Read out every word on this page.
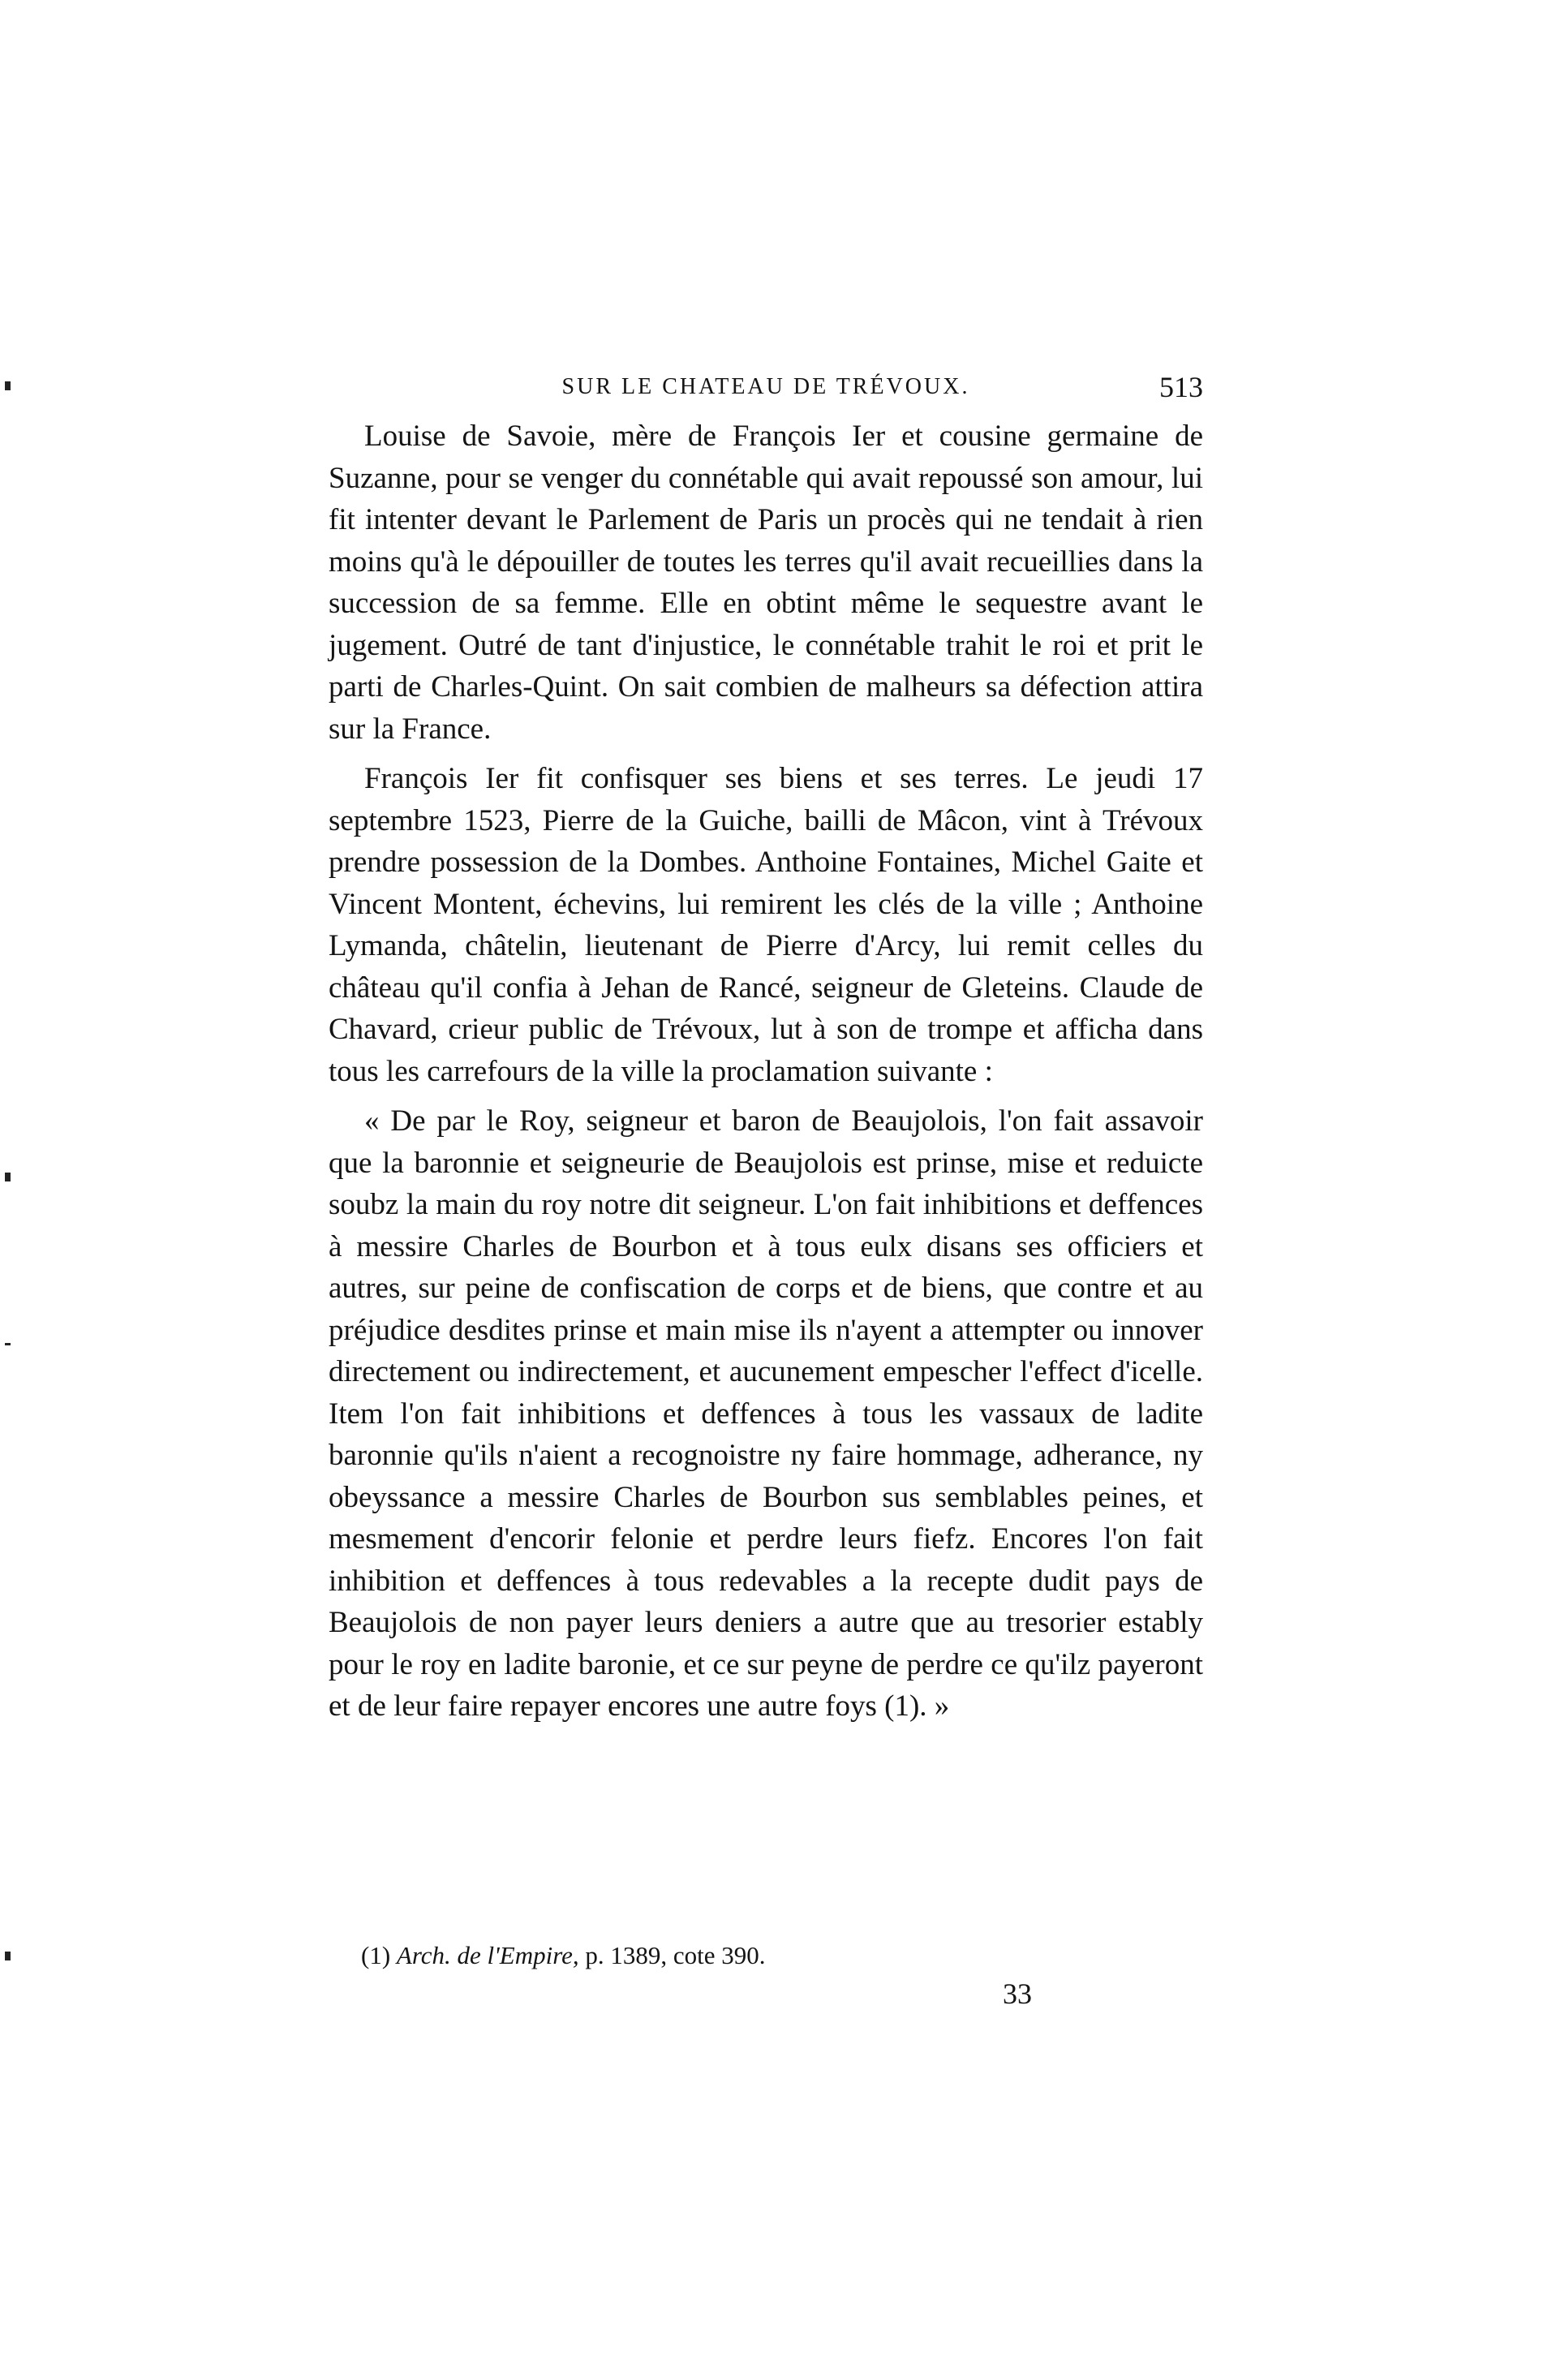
SUR LE CHATEAU DE TRÉVOUX.	513

Louise de Savoie, mère de François Ier et cousine germaine de Suzanne, pour se venger du connétable qui avait repoussé son amour, lui fit intenter devant le Parlement de Paris un procès qui ne tendait à rien moins qu'à le dépouiller de toutes les terres qu'il avait recueillies dans la succession de sa femme. Elle en obtint même le sequestre avant le jugement. Outré de tant d'injustice, le connétable trahit le roi et prit le parti de Charles-Quint. On sait combien de malheurs sa défection attira sur la France.

François Ier fit confisquer ses biens et ses terres. Le jeudi 17 septembre 1523, Pierre de la Guiche, bailli de Mâcon, vint à Trévoux prendre possession de la Dombes. Anthoine Fontaines, Michel Gaite et Vincent Montent, échevins, lui remirent les clés de la ville ; Anthoine Lymanda, châtelin, lieutenant de Pierre d'Arcy, lui remit celles du château qu'il confia à Jehan de Rancé, seigneur de Gleteins. Claude de Chavard, crieur public de Trévoux, lut à son de trompe et afficha dans tous les carrefours de la ville la proclamation suivante :

« De par le Roy, seigneur et baron de Beaujolois, l'on fait assavoir que la baronnie et seigneurie de Beaujolois est prinse, mise et reduicte soubz la main du roy notre dit seigneur. L'on fait inhibitions et deffences à messire Charles de Bourbon et à tous eulx disans ses officiers et autres, sur peine de confiscation de corps et de biens, que contre et au préjudice desdites prinse et main mise ils n'ayent a attempter ou innover directement ou indirectement, et aucunement empescher l'effect d'icelle. Item l'on fait inhibitions et deffences à tous les vassaux de ladite baronnie qu'ils n'aient a recognoistre ny faire hommage, adherance, ny obeyssance a messire Charles de Bourbon sus semblables peines, et mesmement d'encorir felonie et perdre leurs fiefz. Encores l'on fait inhibition et deffences à tous redevables a la recepte dudit pays de Beaujolois de non payer leurs deniers a autre que au tresorier estably pour le roy en ladite baronie, et ce sur peyne de perdre ce qu'ilz payeront et de leur faire repayer encores une autre foys (1). »

(1) Arch. de l'Empire, p. 1389, cote 390.
33
